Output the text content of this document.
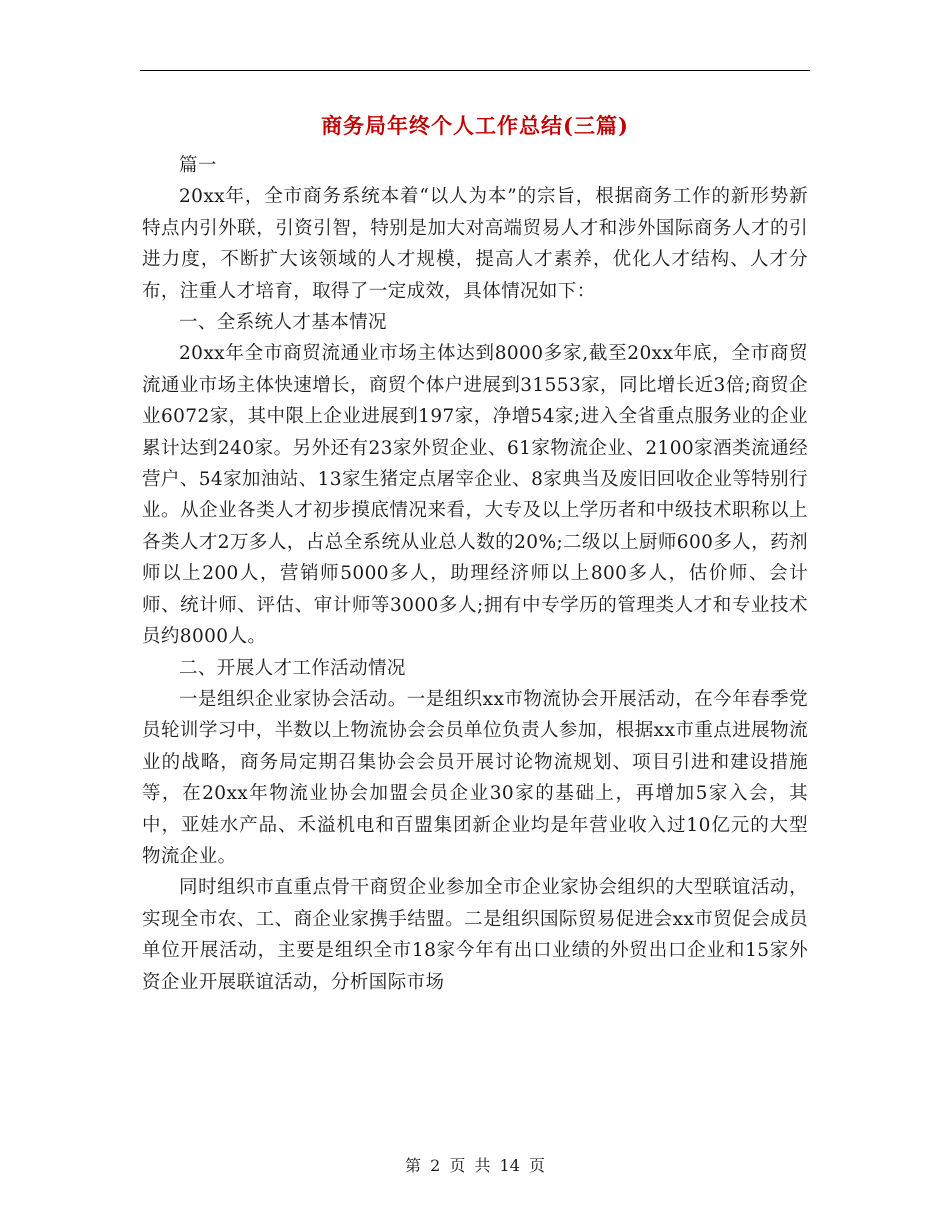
商务局年终个人工作总结(三篇)

篇一

20xx年，全市商务系统本着“以人为本”的宗旨，根据商务工作的新形势新特点内引外联，引资引智，特别是加大对高端贸易人才和涉外国际商务人才的引进力度，不断扩大该领域的人才规模，提高人才素养，优化人才结构、人才分布，注重人才培育，取得了一定成效，具体情况如下：

一、全系统人才基本情况

20xx年全市商贸流通业市场主体达到8000多家,截至20xx年底，全市商贸流通业市场主体快速增长，商贸个体户进展到31553家，同比增长近3倍;商贸企业6072家，其中限上企业进展到197家，净增54家;进入全省重点服务业的企业累计达到240家。另外还有23家外贸企业、61家物流企业、2100家酒类流通经营户、54家加油站、13家生猪定点屠宰企业、8家典当及废旧回收企业等特别行业。从企业各类人才初步摸底情况来看，大专及以上学历者和中级技术职称以上各类人才2万多人，占总全系统从业总人数的20%;二级以上厨师600多人，药剂师以上200人，营销师5000多人，助理经济师以上800多人，估价师、会计师、统计师、评估、审计师等3000多人;拥有中专学历的管理类人才和专业技术员约8000人。

二、开展人才工作活动情况

一是组织企业家协会活动。一是组织xx市物流协会开展活动，在今年春季党员轮训学习中，半数以上物流协会会员单位负责人参加，根据xx市重点进展物流业的战略，商务局定期召集协会会员开展讨论物流规划、项目引进和建设措施等，在20xx年物流业协会加盟会员企业30家的基础上，再增加5家入会，其中，亚娃水产品、禾溢机电和百盟集团新企业均是年营业收入过10亿元的大型物流企业。

同时组织市直重点骨干商贸企业参加全市企业家协会组织的大型联谊活动，实现全市农、工、商企业家携手结盟。二是组织国际贸易促进会xx市贸促会成员单位开展活动，主要是组织全市18家今年有出口业绩的外贸出口企业和15家外资企业开展联谊活动，分析国际市场

第 2 页 共 14 页
